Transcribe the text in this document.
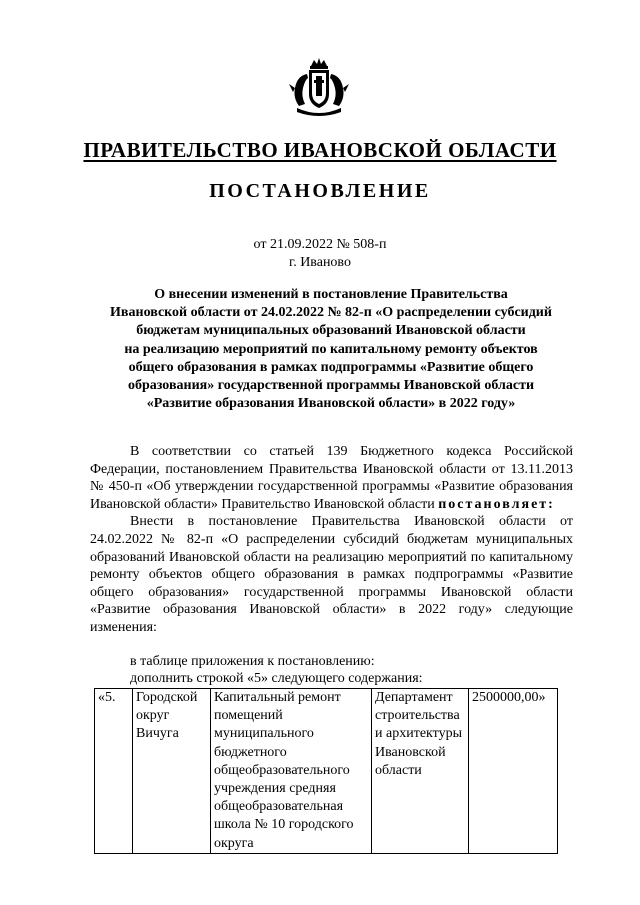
ПРАВИТЕЛЬСТВО ИВАНОВСКОЙ ОБЛАСТИ
ПОСТАНОВЛЕНИЕ
от 21.09.2022 № 508-п
г. Иваново
О внесении изменений в постановление Правительства
Ивановской области от 24.02.2022 № 82-п «О распределении субсидий
бюджетам муниципальных образований Ивановской области
на реализацию мероприятий по капитальному ремонту объектов
общего образования в рамках подпрограммы «Развитие общего
образования» государственной программы Ивановской области
«Развитие образования Ивановской области» в 2022 году»

В соответствии со статьей 139 Бюджетного кодекса Российской Федерации, постановлением Правительства Ивановской области от 13.11.2013 № 450-п «Об утверждении государственной программы «Развитие образования Ивановской области» Правительство Ивановской области постановляет:

Внести в постановление Правительства Ивановской области от 24.02.2022 № 82-п «О распределении субсидий бюджетам муниципальных образований Ивановской области на реализацию мероприятий по капитальному ремонту объектов общего образования в рамках подпрограммы «Развитие общего образования» государственной программы Ивановской области «Развитие образования Ивановской области» в 2022 году» следующие изменения:

в таблице приложения к постановлению:
дополнить строкой «5» следующего содержания:
«5.	Городской округ Вичуга	Капитальный ремонт помещений муниципального бюджетного общеобразовательного учреждения средняя общеобразовательная школа № 10 городского округа	Департамент строительства и архитектуры Ивановской области	2500000,00»
